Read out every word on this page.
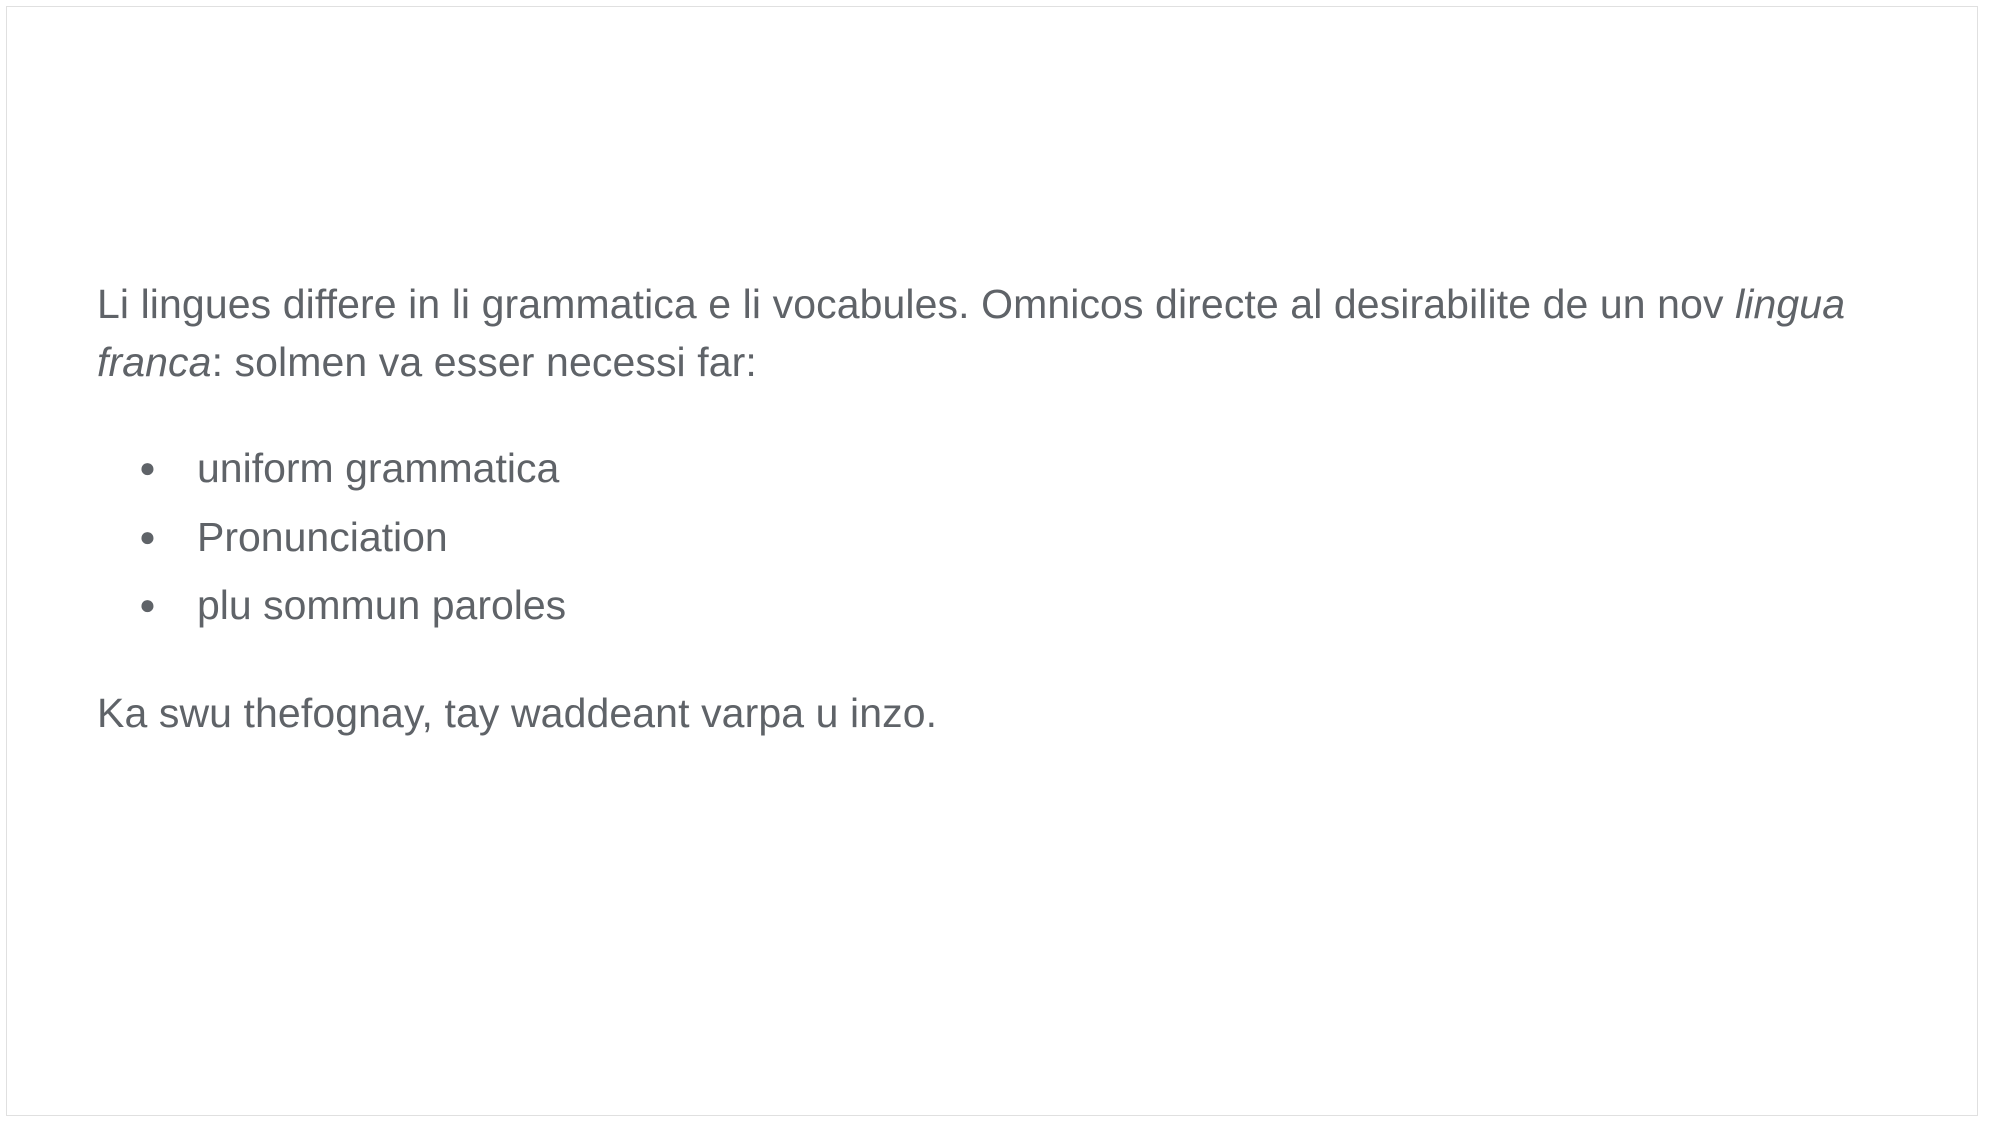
Li lingues differe in li grammatica e li vocabules. Omnicos directe al desirabilite de un nov lingua franca: solmen va esser necessi far:

● uniform grammatica
● Pronunciation
● plu sommun paroles

Ka swu thefognay, tay waddeant varpa u inzo.
